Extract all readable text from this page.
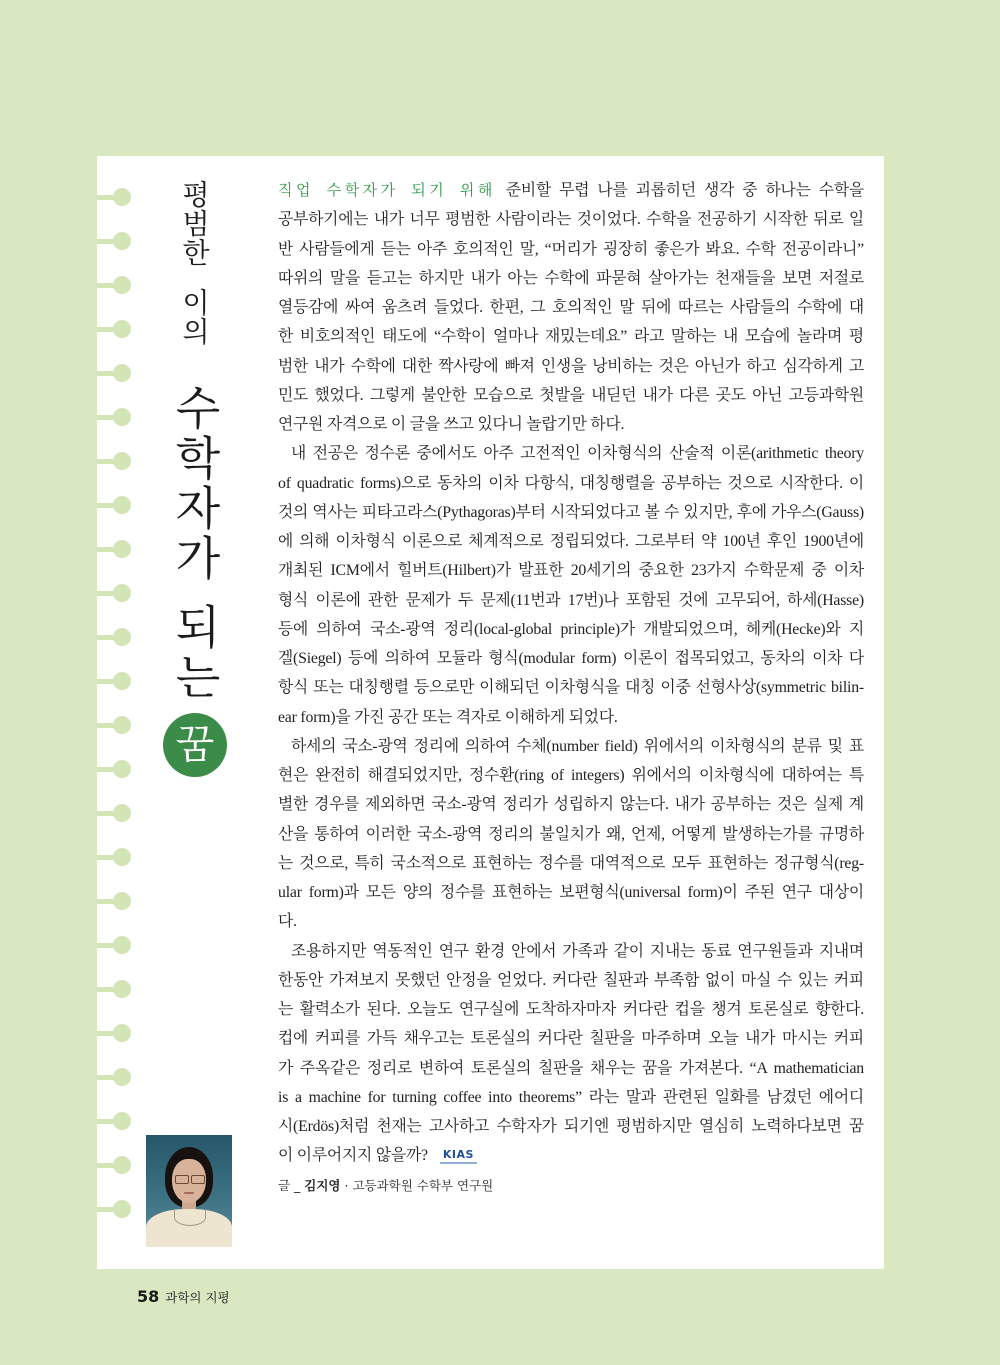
평범한
이의
수학자가
되는
꿈
직업 수학자가 되기 위해 준비할 무렵 나를 괴롭히던 생각 중 하나는 수학을
공부하기에는 내가 너무 평범한 사람이라는 것이었다. 수학을 전공하기 시작한 뒤로 일
반 사람들에게 듣는 아주 호의적인 말, “머리가 굉장히 좋은가 봐요. 수학 전공이라니”
따위의 말을 듣고는 하지만 내가 아는 수학에 파묻혀 살아가는 천재들을 보면 저절로
열등감에 싸여 움츠려 들었다. 한편, 그 호의적인 말 뒤에 따르는 사람들의 수학에 대
한 비호의적인 태도에 “수학이 얼마나 재밌는데요” 라고 말하는 내 모습에 놀라며 평
범한 내가 수학에 대한 짝사랑에 빠져 인생을 낭비하는 것은 아닌가 하고 심각하게 고
민도 했었다. 그렇게 불안한 모습으로 첫발을 내딛던 내가 다른 곳도 아닌 고등과학원
연구원 자격으로 이 글을 쓰고 있다니 놀랍기만 하다.
내 전공은 정수론 중에서도 아주 고전적인 이차형식의 산술적 이론(arithmetic theory
of quadratic forms)으로 동차의 이차 다항식, 대칭행렬을 공부하는 것으로 시작한다. 이
것의 역사는 피타고라스(Pythagoras)부터 시작되었다고 볼 수 있지만, 후에 가우스(Gauss)
에 의해 이차형식 이론으로 체계적으로 정립되었다. 그로부터 약 100년 후인 1900년에
개최된 ICM에서 힐버트(Hilbert)가 발표한 20세기의 중요한 23가지 수학문제 중 이차
형식 이론에 관한 문제가 두 문제(11번과 17번)나 포함된 것에 고무되어, 하세(Hasse)
등에 의하여 국소-광역 정리(local-global principle)가 개발되었으며, 헤케(Hecke)와 지
겔(Siegel) 등에 의하여 모듈라 형식(modular form) 이론이 접목되었고, 동차의 이차 다
항식 또는 대칭행렬 등으로만 이해되던 이차형식을 대칭 이중 선형사상(symmetric bilin-
ear form)을 가진 공간 또는 격자로 이해하게 되었다.
하세의 국소-광역 정리에 의하여 수체(number field) 위에서의 이차형식의 분류 및 표
현은 완전히 해결되었지만, 정수환(ring of integers) 위에서의 이차형식에 대하여는 특
별한 경우를 제외하면 국소-광역 정리가 성립하지 않는다. 내가 공부하는 것은 실제 계
산을 통하여 이러한 국소-광역 정리의 불일치가 왜, 언제, 어떻게 발생하는가를 규명하
는 것으로, 특히 국소적으로 표현하는 정수를 대역적으로 모두 표현하는 정규형식(reg-
ular form)과 모든 양의 정수를 표현하는 보편형식(universal form)이 주된 연구 대상이
다.
조용하지만 역동적인 연구 환경 안에서 가족과 같이 지내는 동료 연구원들과 지내며
한동안 가져보지 못했던 안정을 얻었다. 커다란 칠판과 부족함 없이 마실 수 있는 커피
는 활력소가 된다. 오늘도 연구실에 도착하자마자 커다란 컵을 챙겨 토론실로 향한다.
컵에 커피를 가득 채우고는 토론실의 커다란 칠판을 마주하며 오늘 내가 마시는 커피
가 주옥같은 정리로 변하여 토론실의 칠판을 채우는 꿈을 가져본다. “A mathematician
is a machine for turning coffee into theorems” 라는 말과 관련된 일화를 남겼던 에어디
시(Erdös)처럼 천재는 고사하고 수학자가 되기엔 평범하지만 열심히 노력하다보면 꿈
이 이루어지지 않을까? KIAS
글 _ 김지영 · 고등과학원 수학부 연구원
58 과학의 지평
